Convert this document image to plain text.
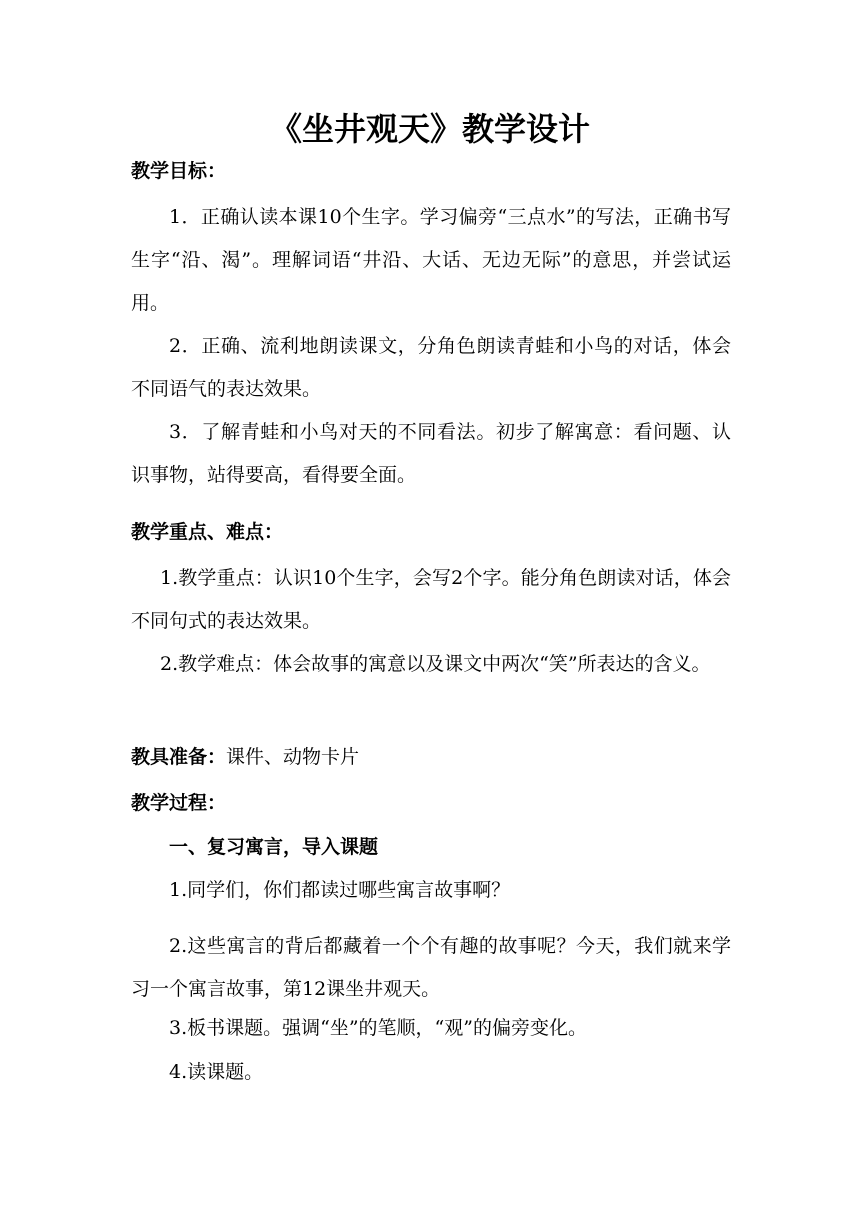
《坐井观天》教学设计

教学目标：

1．正确认读本课10个生字。学习偏旁“三点水”的写法，正确书写生字“沿、渴”。理解词语“井沿、大话、无边无际”的意思，并尝试运用。

2．正确、流利地朗读课文，分角色朗读青蛙和小鸟的对话，体会不同语气的表达效果。

3．了解青蛙和小鸟对天的不同看法。初步了解寓意：看问题、认识事物，站得要高，看得要全面。

教学重点、难点：

1.教学重点：认识10个生字，会写2个字。能分角色朗读对话，体会不同句式的表达效果。

2.教学难点：体会故事的寓意以及课文中两次“笑”所表达的含义。

教具准备：课件、动物卡片

教学过程：

一、复习寓言，导入课题

1.同学们，你们都读过哪些寓言故事啊？

2.这些寓言的背后都藏着一个个有趣的故事呢？今天，我们就来学习一个寓言故事，第12课坐井观天。

3.板书课题。强调“坐”的笔顺，“观”的偏旁变化。

4.读课题。
